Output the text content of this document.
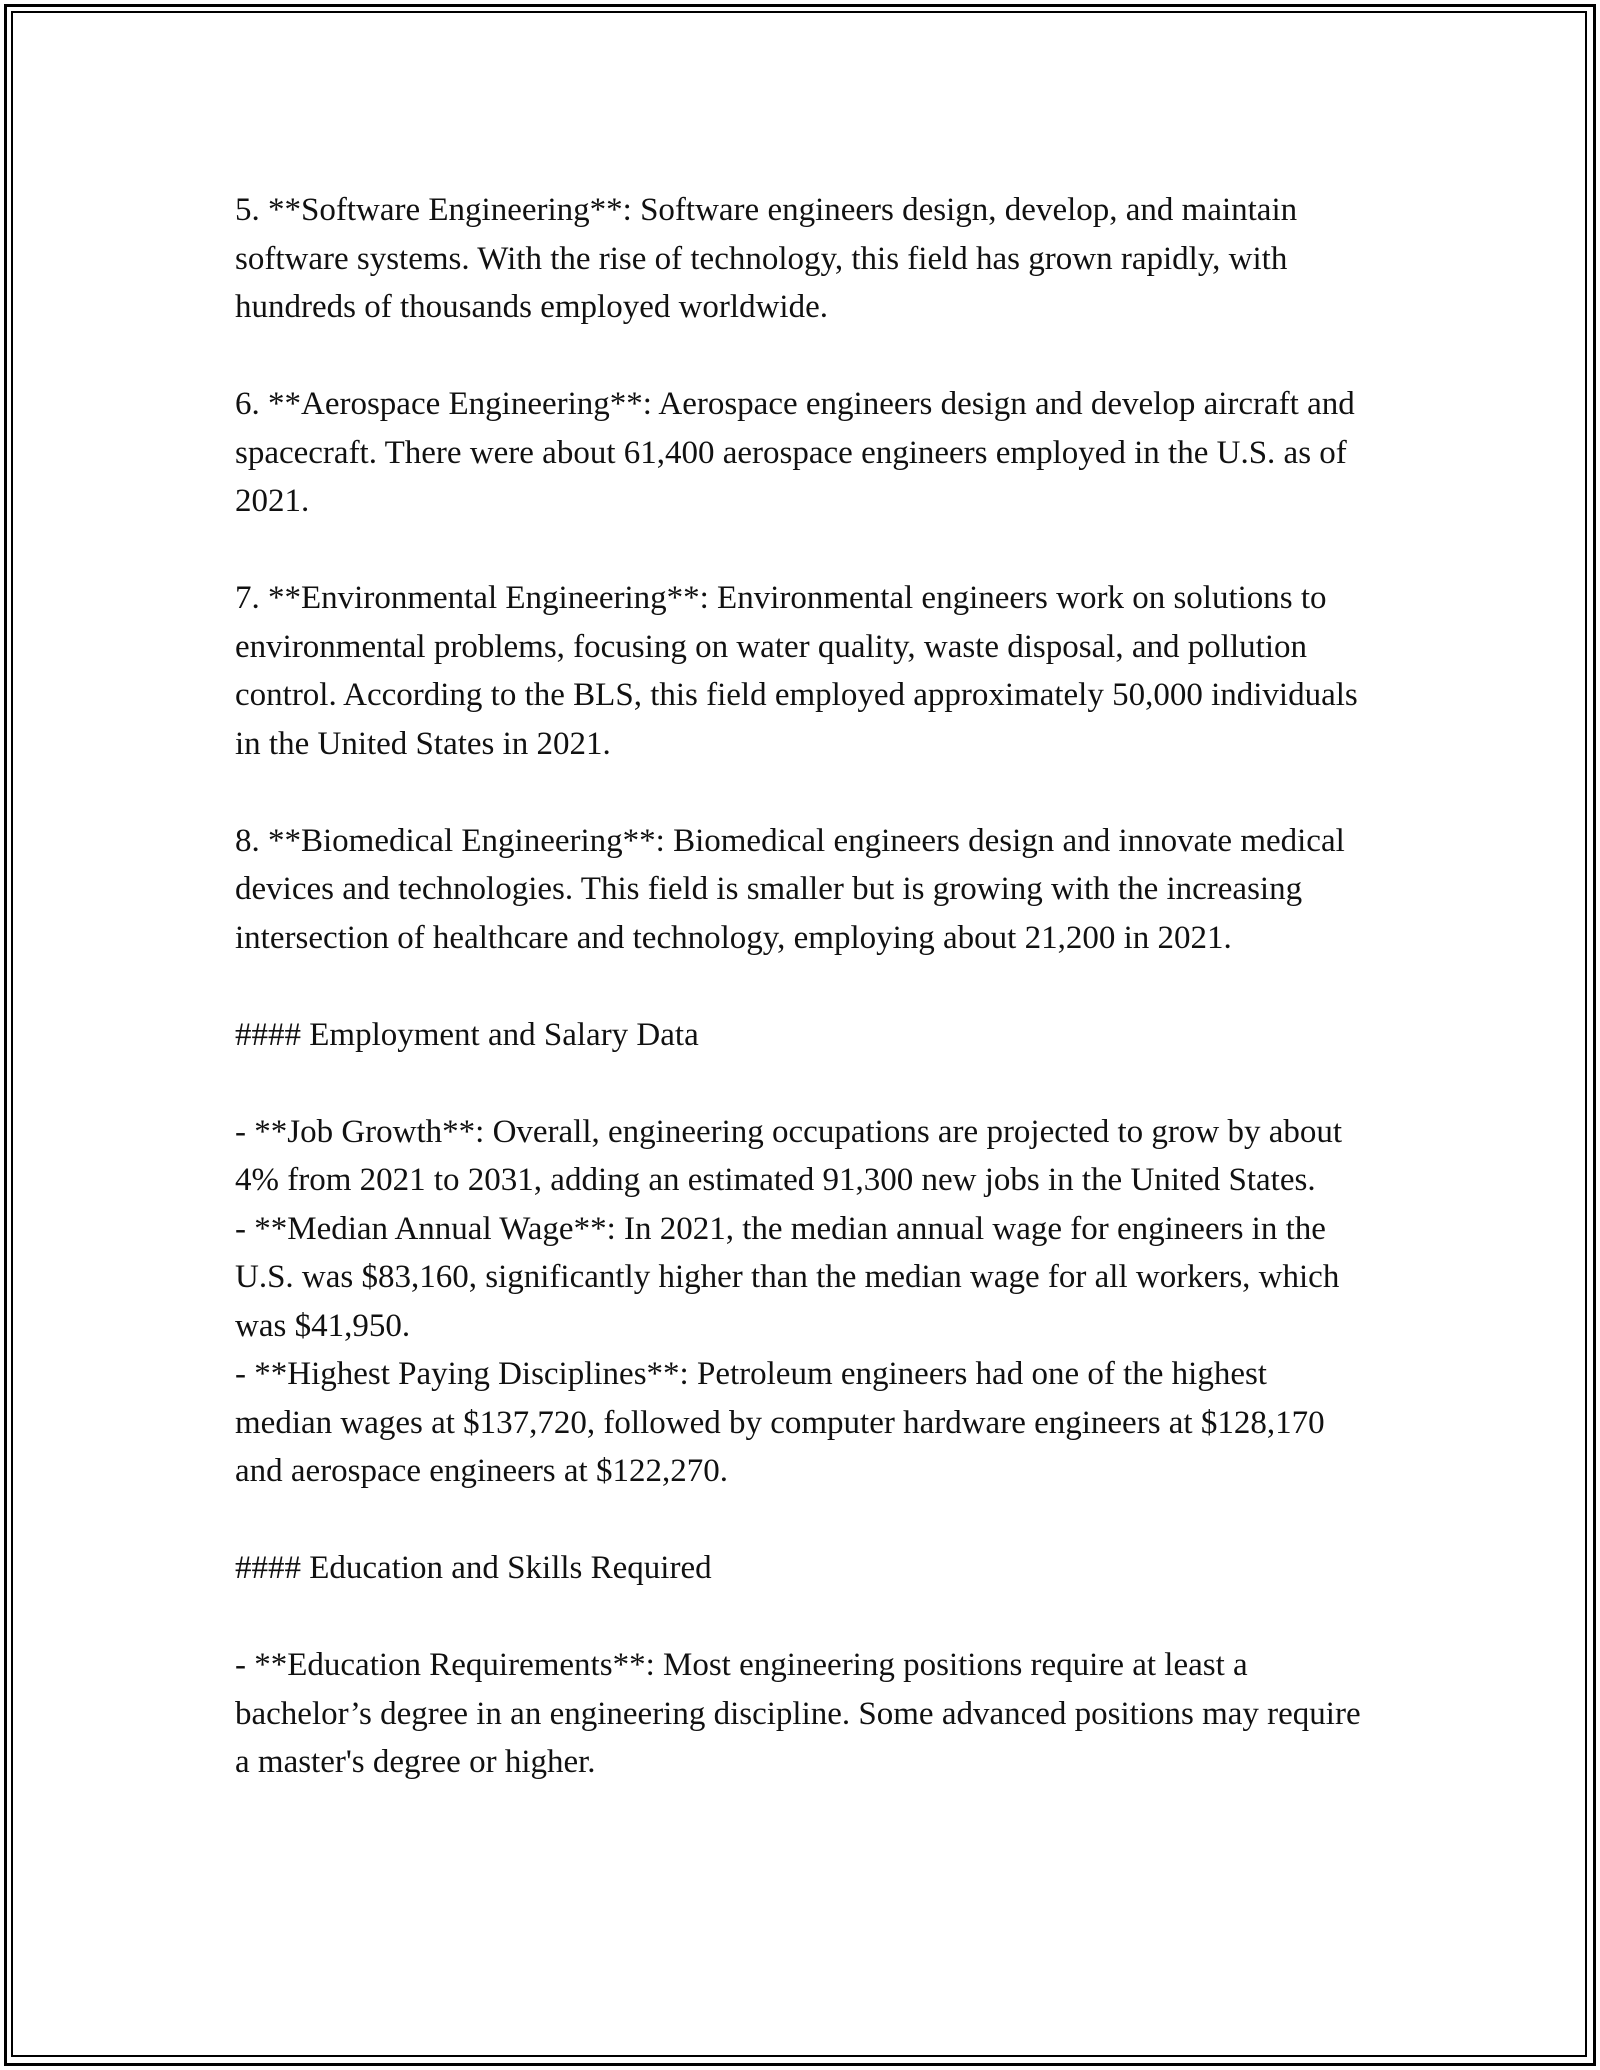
5. **Software Engineering**: Software engineers design, develop, and maintain software systems. With the rise of technology, this field has grown rapidly, with hundreds of thousands employed worldwide.

6. **Aerospace Engineering**: Aerospace engineers design and develop aircraft and spacecraft. There were about 61,400 aerospace engineers employed in the U.S. as of 2021.

7. **Environmental Engineering**: Environmental engineers work on solutions to environmental problems, focusing on water quality, waste disposal, and pollution control. According to the BLS, this field employed approximately 50,000 individuals in the United States in 2021.

8. **Biomedical Engineering**: Biomedical engineers design and innovate medical devices and technologies. This field is smaller but is growing with the increasing intersection of healthcare and technology, employing about 21,200 in 2021.

#### Employment and Salary Data

- **Job Growth**: Overall, engineering occupations are projected to grow by about 4% from 2021 to 2031, adding an estimated 91,300 new jobs in the United States.

- **Median Annual Wage**: In 2021, the median annual wage for engineers in the U.S. was $83,160, significantly higher than the median wage for all workers, which was $41,950.

- **Highest Paying Disciplines**: Petroleum engineers had one of the highest median wages at $137,720, followed by computer hardware engineers at $128,170 and aerospace engineers at $122,270.

#### Education and Skills Required

- **Education Requirements**: Most engineering positions require at least a bachelor’s degree in an engineering discipline. Some advanced positions may require a master's degree or higher.
